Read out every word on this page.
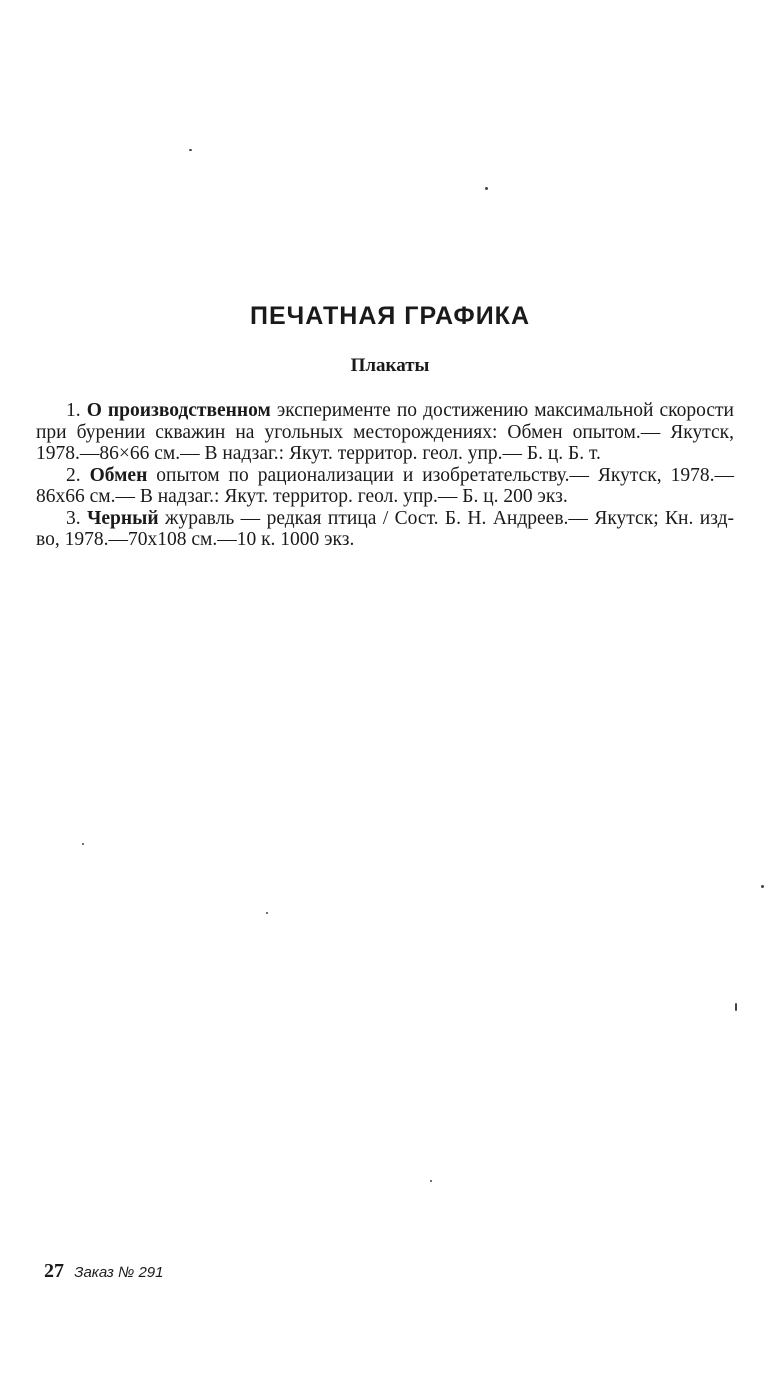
ПЕЧАТНАЯ ГРАФИКА
Плакаты

1. О производственном эксперименте по достижению максимальной скорости при бурении скважин на угольных месторождениях: Обмен опытом.— Якутск, 1978.—86×66 см.— В надзаг.: Якут. территор. геол. упр.— Б. ц. Б. т.

2. Обмен опытом по рационализации и изобретательству.— Якутск, 1978.—86х66 см.— В надзаг.: Якут. территор. геол. упр.— Б. ц. 200 экз.

3. Черный журавль — редкая птица / Сост. Б. Н. Андреев.— Якутск; Кн. изд-во, 1978.—70х108 см.—10 к. 1000 экз.

27 Заказ № 291
